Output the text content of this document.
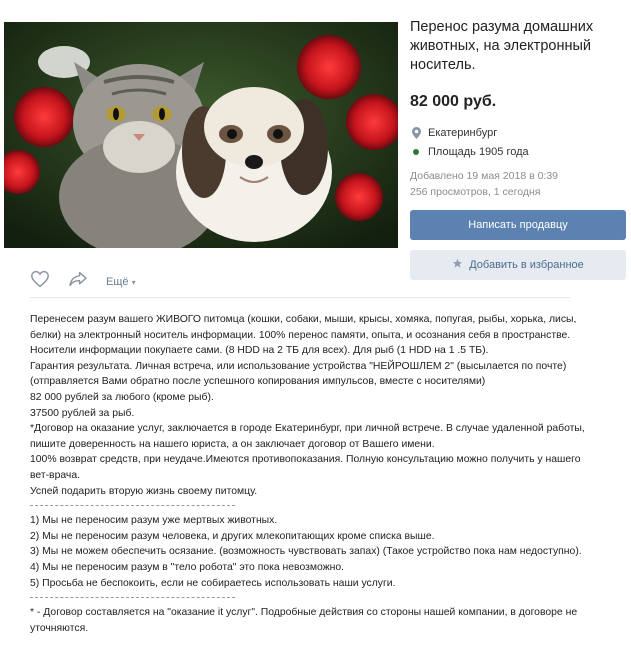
Перенос разума домашних животных, на электронный носитель.
82 000 руб.
Екатеринбург
Площадь 1905 года
Добавлено 19 мая 2018 в 0:39
256 просмотров, 1 сегодня
Написать продавцу
Добавить в избранное
Ещё ▾

Перенесем разум вашего ЖИВОГО питомца (кошки, собаки, мыши, крысы, хомяка, попугая, рыбы, хорька, лисы, белки) на электронный носитель информации. 100% перенос памяти, опыта, и осознания себя в пространстве.

Носители информации покупаете сами. (8 HDD на 2 ТБ для всех). Для рыб (1 HDD на 1 .5 ТБ).

Гарантия результата. Личная встреча, или использование устройства "НЕЙРОШЛЕМ 2" (высылается по почте) (отправляется Вами обратно после успешного копирования импульсов, вместе с носителями)

82 000 рублей за любого (кроме рыб).

37500 рублей за рыб.

*Договор на оказание услуг, заключается в городе Екатеринбург, при личной встрече. В случае удаленной работы, пишите доверенность на нашего юриста, а он заключает договор от Вашего имени.

100% возврат средств, при неудаче.Имеются противопоказания. Полную консультацию можно получить у нашего вет-врача.

Успей подарить вторую жизнь своему питомцу.

1) Мы не переносим разум уже мертвых животных.

2) Мы не переносим разум человека, и других млекопитающих кроме списка выше.

3) Мы не можем обеспечить осязание. (возможность чувствовать запах) (Такое устройство пока нам недоступно).

4) Мы не переносим разум в "тело робота" это пока невозможно.

5) Просьба не беспокоить, если не собираетесь использовать наши услуги.

* - Договор составляется на "оказание it услуг". Подробные действия со стороны нашей компании, в договоре не уточняются.
